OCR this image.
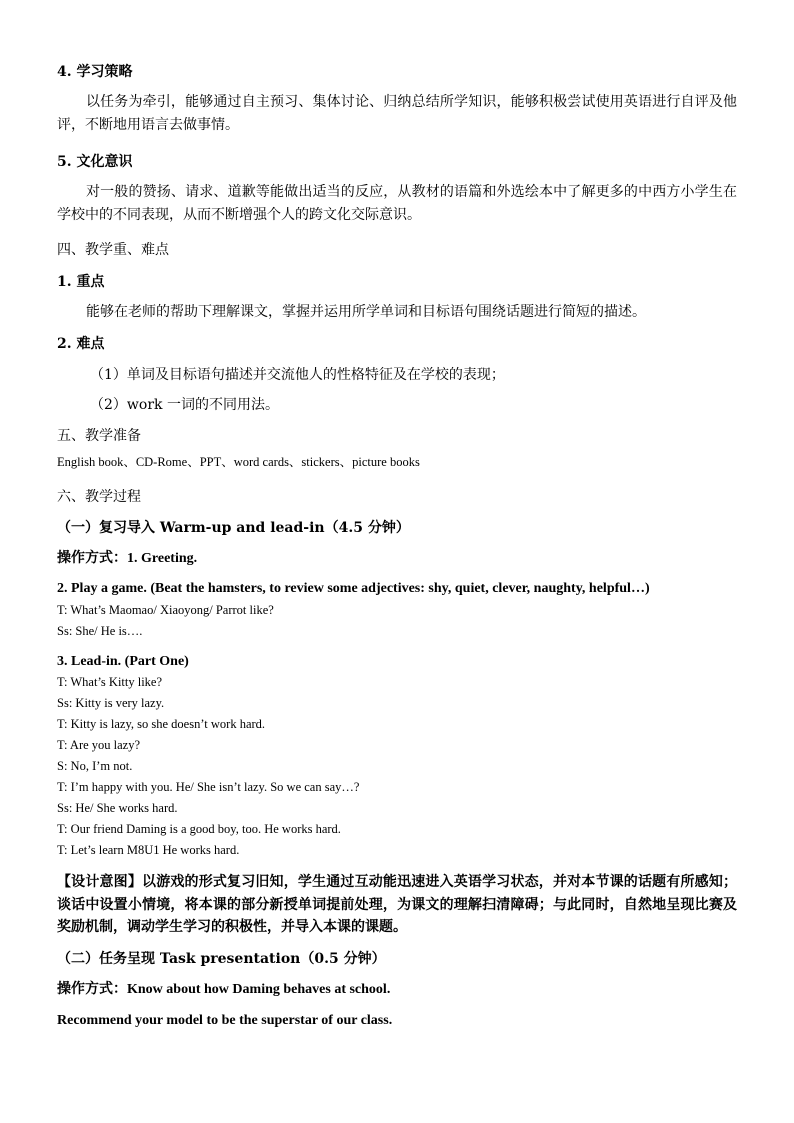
4. 学习策略

以任务为牵引，能够通过自主预习、集体讨论、归纳总结所学知识，能够积极尝试使用英语进行自评及他评，不断地用语言去做事情。

5. 文化意识

对一般的赞扬、请求、道歉等能做出适当的反应，从教材的语篇和外选绘本中了解更多的中西方小学生在学校中的不同表现，从而不断增强个人的跨文化交际意识。

四、教学重、难点

1. 重点

能够在老师的帮助下理解课文，掌握并运用所学单词和目标语句围绕话题进行简短的描述。

2. 难点

（1）单词及目标语句描述并交流他人的性格特征及在学校的表现；

（2）work 一词的不同用法。

五、教学准备

English book、CD-Rome、PPT、word cards、stickers、picture books

六、教学过程

（一）复习导入 Warm-up and lead-in（4.5 分钟）

操作方式：1. Greeting.

2. Play a game. (Beat the hamsters, to review some adjectives: shy, quiet, clever, naughty, helpful…)

T: What’s Maomao/ Xiaoyong/ Parrot like?

Ss: She/ He is….

3. Lead-in. (Part One)

T: What’s Kitty like?

Ss: Kitty is very lazy.

T: Kitty is lazy, so she doesn’t work hard.

T: Are you lazy?

S: No, I’m not.

T: I’m happy with you. He/ She isn’t lazy. So we can say…?

Ss: He/ She works hard.

T: Our friend Daming is a good boy, too. He works hard.

T: Let’s learn M8U1 He works hard.

【设计意图】以游戏的形式复习旧知，学生通过互动能迅速进入英语学习状态，并对本节课的话题有所感知；谈话中设置小情境，将本课的部分新授单词提前处理，为课文的理解扫清障碍；与此同时，自然地呈现比赛及奖励机制，调动学生学习的积极性，并导入本课的课题。

（二）任务呈现 Task presentation（0.5 分钟）

操作方式：Know about how Daming behaves at school.

Recommend your model to be the superstar of our class.
